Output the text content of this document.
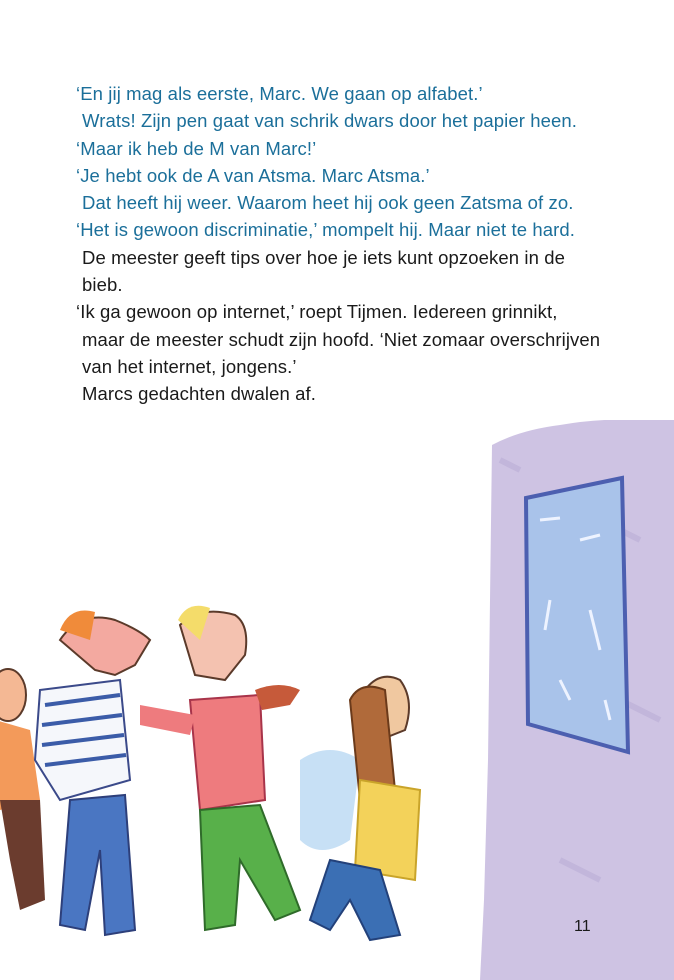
‘En jij mag als eerste, Marc. We gaan op alfabet.’

Wrats! Zijn pen gaat van schrik dwars door het papier heen.

‘Maar ik heb de M van Marc!’

‘Je hebt ook de A van Atsma. Marc Atsma.’

Dat heeft hij weer. Waarom heet hij ook geen Zatsma of zo.

‘Het is gewoon discriminatie,’ mompelt hij. Maar niet te hard.

De meester geeft tips over hoe je iets kunt opzoeken in de

bieb.

‘Ik ga gewoon op internet,’ roept Tijmen. Iedereen grinnikt,

maar de meester schudt zijn hoofd. ‘Niet zomaar overschrijven

van het internet, jongens.’

Marcs gedachten dwalen af.

11
